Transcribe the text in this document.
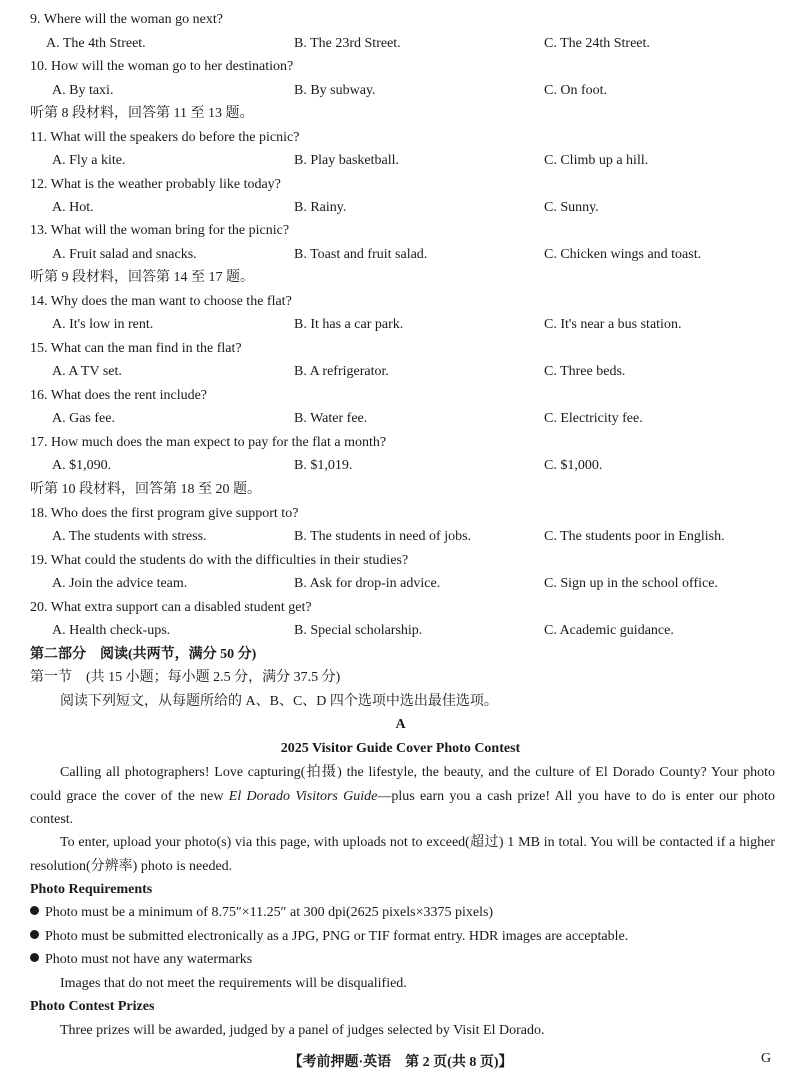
9. Where will the woman go next?
A. The 4th Street.	B. The 23rd Street.	C. The 24th Street.
10. How will the woman go to her destination?
A. By taxi.	B. By subway.	C. On foot.
听第 8 段材料，回答第 11 至 13 题。
11. What will the speakers do before the picnic?
A. Fly a kite.	B. Play basketball.	C. Climb up a hill.
12. What is the weather probably like today?
A. Hot.	B. Rainy.	C. Sunny.
13. What will the woman bring for the picnic?
A. Fruit salad and snacks.	B. Toast and fruit salad.	C. Chicken wings and toast.
听第 9 段材料，回答第 14 至 17 题。
14. Why does the man want to choose the flat?
A. It's low in rent.	B. It has a car park.	C. It's near a bus station.
15. What can the man find in the flat?
A. A TV set.	B. A refrigerator.	C. Three beds.
16. What does the rent include?
A. Gas fee.	B. Water fee.	C. Electricity fee.
17. How much does the man expect to pay for the flat a month?
A. $1,090.	B. $1,019.	C. $1,000.
听第 10 段材料，回答第 18 至 20 题。
18. Who does the first program give support to?
A. The students with stress.	B. The students in need of jobs.	C. The students poor in English.
19. What could the students do with the difficulties in their studies?
A. Join the advice team.	B. Ask for drop-in advice.	C. Sign up in the school office.
20. What extra support can a disabled student get?
A. Health check-ups.	B. Special scholarship.	C. Academic guidance.
第二部分　阅读(共两节，满分 50 分)
第一节　(共 15 小题；每小题 2.5 分，满分 37.5 分)
阅读下列短文，从每题所给的 A、B、C、D 四个选项中选出最佳选项。
A
2025 Visitor Guide Cover Photo Contest
Calling all photographers! Love capturing(拍摄) the lifestyle, the beauty, and the culture of El Dorado County? Your photo could grace the cover of the new El Dorado Visitors Guide—plus earn you a cash prize! All you have to do is enter our photo contest.
To enter, upload your photo(s) via this page, with uploads not to exceed(超过) 1 MB in total. You will be contacted if a higher resolution(分辨率) photo is needed.
Photo Requirements
Photo must be a minimum of 8.75″×11.25″ at 300 dpi(2625 pixels×3375 pixels)
Photo must be submitted electronically as a JPG, PNG or TIF format entry. HDR images are acceptable.
Photo must not have any watermarks
Images that do not meet the requirements will be disqualified.
Photo Contest Prizes
Three prizes will be awarded, judged by a panel of judges selected by Visit El Dorado.
【考前押题·英语　第 2 页(共 8 页)】	G
